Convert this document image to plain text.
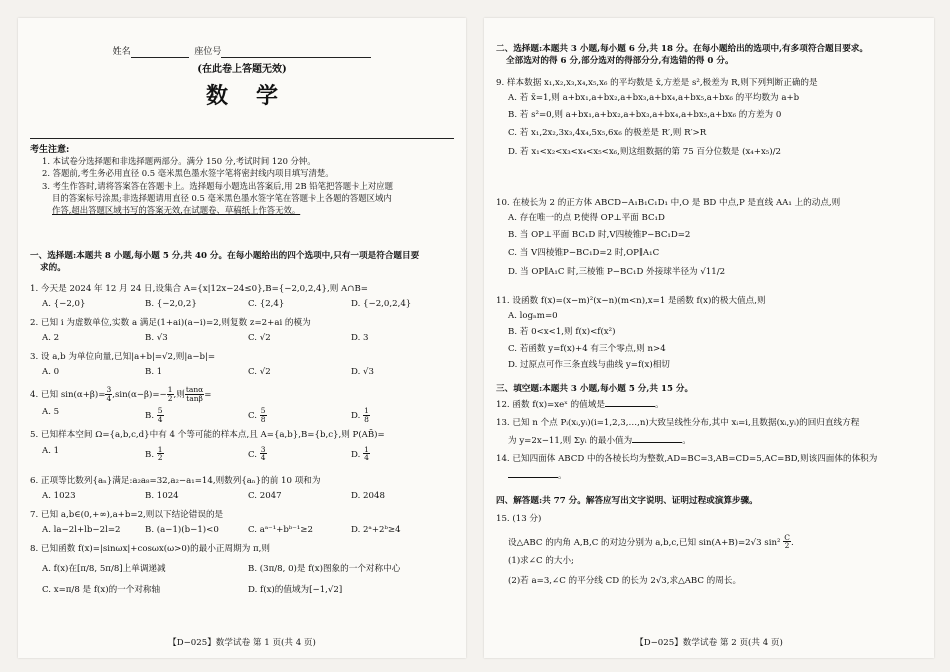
姓名	座位号
(在此卷上答题无效)
数学
考生注意:

1. 本试卷分选择题和非选择题两部分。满分 150 分,考试时间 120 分钟。

2. 答题前,考生务必用直径 0.5 毫米黑色墨水签字笔将密封线内项目填写清楚。

3. 考生作答时,请将答案答在答题卡上。选择题每小题选出答案后,用 2B 铅笔把答题卡上对应题

目的答案标号涂黑;非选择题请用直径 0.5 毫米黑色墨水签字笔在答题卡上各题的答题区域内

作答,超出答题区域书写的答案无效,在试题卷、草稿纸上作答无效。

一、选择题:本题共 8 小题,每小题 5 分,共 40 分。在每小题给出的四个选项中,只有一项是符合题目要
求的。
1. 今天是 2024 年 12 月 24 日,设集合 A={x|12x−24≤0},B={−2,0,2,4},则 A∩B=
A. {−2,0}	B. {−2,0,2}	C. {2,4}	D. {−2,0,2,4}
2. 已知 i 为虚数单位,实数 a 满足(1+ai)(a−i)=2,则复数 z=2+ai 的模为
A. 2	B. √3	C. √2	D. 3
3. 设 a,b 为单位向量,已知|a+b|=√2,则|a−b|=
A. 0	B. 1	C. √2	D. √3
4. 已知 $\sin(\alpha+\beta)= \frac{3}{4} ,\sin(\alpha-\beta)=- \frac{1}{2}$ ,则 $\frac{\tan\alpha}{\tan\beta}$ =
A. 5	B. $\frac{5}{4}$	C. $\frac{5}{8}$	D. $\frac{1}{8}$
5. 已知样本空间 Ω={a,b,c,d}中有 4 个等可能的样本点,且 A={a,b},B={b,c},则 P(AB̄)=
A. 1	B. $\frac{1}{2}$	C. $\frac{3}{4}$	D. $\frac{1}{4}$
6. 正项等比数列{aₙ}满足:a₂a₈=32,a₂−a₁=14,则数列{aₙ}的前 10 项和为
A. 1023	B. 1024	C. 2047	D. 2048
7. 已知 a,b∈(0,+∞),a+b=2,则以下结论错误的是
A. la−2l+lb−2l=2	B. (a−1)(b−1)<0	C. aᵃ⁻¹+bᵇ⁻¹≥2	D. 2ᵃ+2ᵇ≥4
8. 已知函数 f(x)=|sinωx|+cosωx(ω>0)的最小正周期为 π,则
A. f(x)在[π/8, 5π/8]上单调递减	B. (3π/8, 0)是 f(x)图象的一个对称中心
C. x=π/8 是 f(x)的一个对称轴	D. f(x)的值域为[−1,√2]
【D−025】数学试卷 第 1 页(共 4 页)
二、选择题:本题共 3 小题,每小题 6 分,共 18 分。在每小题给出的选项中,有多项符合题目要求。
全部选对的得 6 分,部分选对的得部分分,有选错的得 0 分。
9. 样本数据 x₁,x₂,x₃,x₄,x₅,x₆ 的平均数是 x̄,方差是 s²,极差为 R,则下列判断正确的是
A. 若 x̄=1,则 a+bx₁,a+bx₂,a+bx₃,a+bx₄,a+bx₅,a+bx₆ 的平均数为 a+b
B. 若 s²=0,则 a+bx₁,a+bx₂,a+bx₃,a+bx₄,a+bx₅,a+bx₆ 的方差为 0
C. 若 x₁,2x₂,3x₃,4x₄,5x₅,6x₆ 的极差是 R′,则 R′>R
D. 若 x₁<x₂<x₃<x₄<x₅<x₆,则这组数据的第 75 百分位数是 (x₄+x₅)/2
10. 在棱长为 2 的正方体 ABCD−A₁B₁C₁D₁ 中,O 是 BD 中点,P 是直线 AA₁ 上的动点,则
A. 存在唯一的点 P,使得 OP⊥平面 BC₁D
B. 当 OP⊥平面 BC₁D 时,V四棱锥P−BC₁D=2
C. 当 V四棱锥P−BC₁D=2 时,OP∥A₁C
D. 当 OP∥A₁C 时,三棱锥 P−BC₁D 外接球半径为 √11/2
11. 设函数 f(x)=(x−m)²(x−n)(m<n),x=1 是函数 f(x)的极大值点,则
A. logₙm=0
B. 若 0<x<1,则 f(x)<f(x²)
C. 若函数 y=f(x)+4 有三个零点,则 n>4
D. 过原点可作三条直线与曲线 y=f(x)相切
三、填空题:本题共 3 小题,每小题 5 分,共 15 分。
12. 函数 f(x)=xeˣ 的值域是	。
13. 已知 n 个点 Pᵢ(xᵢ,yᵢ)(i=1,2,3,…,n)大致呈线性分布,其中 xᵢ=i,且数据(xᵢ,yᵢ)的回归直线方程
为 y=2x−11,则 Σyᵢ 的最小值为	。
14. 已知四面体 ABCD 中的各棱长均为整数,AD=BC=3,AB=CD=5,AC=BD,则该四面体的体积为
。
四、解答题:共 77 分。解答应写出文字说明、证明过程或演算步骤。
15. (13 分)
设△ABC 的内角 A,B,C 的对边分别为 a,b,c,已知 sin(A+B)=2√3 $\sin^2 \frac{C}{2}$ .
(1)求∠C 的大小;
(2)若 a=3,∠C 的平分线 CD 的长为 2√3,求△ABC 的周长。
【D−025】数学试卷 第 2 页(共 4 页)
